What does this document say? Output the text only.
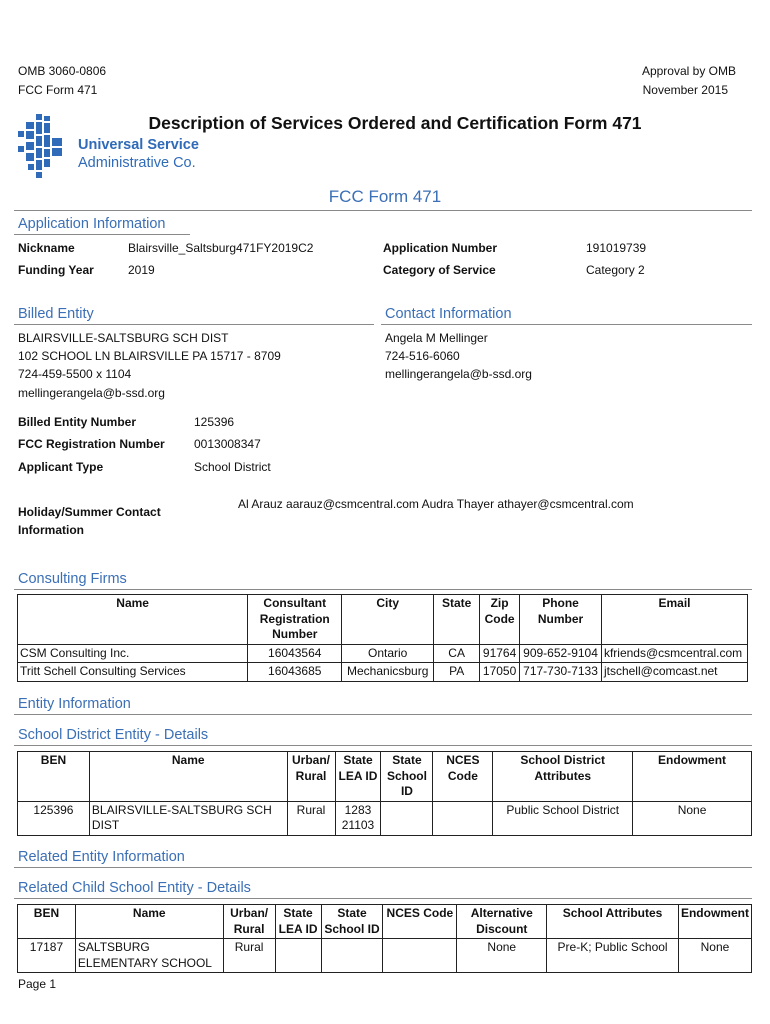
OMB 3060-0806
FCC Form 471
Approval by OMB
November 2015
Universal Service
Administrative Co.
Description of Services Ordered and Certification Form 471
FCC Form 471
Application Information
Nickname	Blairsville_Saltsburg471FY2019C2	Application Number	191019739
Funding Year	2019	Category of Service	Category 2
Billed Entity
BLAIRSVILLE-SALTSBURG SCH DIST
102 SCHOOL LN BLAIRSVILLE PA 15717 - 8709
724-459-5500 x 1104
mellingerangela@b-ssd.org
Contact Information
Angela M Mellinger
724-516-6060
mellingerangela@b-ssd.org
Billed Entity Number	125396
FCC Registration Number 0013008347
Applicant Type	School District
Holiday/Summer Contact
Information
Al Arauz aarauz@csmcentral.com Audra Thayer athayer@csmcentral.com
Consulting Firms
Name	Consultant Registration Number	City	State	Zip Code	Phone Number	Email
CSM Consulting Inc.	16043564	Ontario	CA	91764	909-652-9104	kfriends@csmcentral.com
Tritt Schell Consulting Services	16043685	Mechanicsburg	PA	17050	717-730-7133	jtschell@comcast.net
Entity Information
School District Entity - Details
BEN	Name	Urban/ Rural	State LEA ID	State School ID	NCES Code	School District Attributes	Endowment
125396	BLAIRSVILLE-SALTSBURG SCH DIST	Rural	1283 21103			Public School District	None
Related Entity Information
Related Child School Entity - Details
BEN	Name	Urban/ Rural	State LEA ID	State School ID	NCES Code	Alternative Discount	School Attributes	Endowment
17187	SALTSBURG ELEMENTARY SCHOOL	Rural				None	Pre-K; Public School	None
Page 1
